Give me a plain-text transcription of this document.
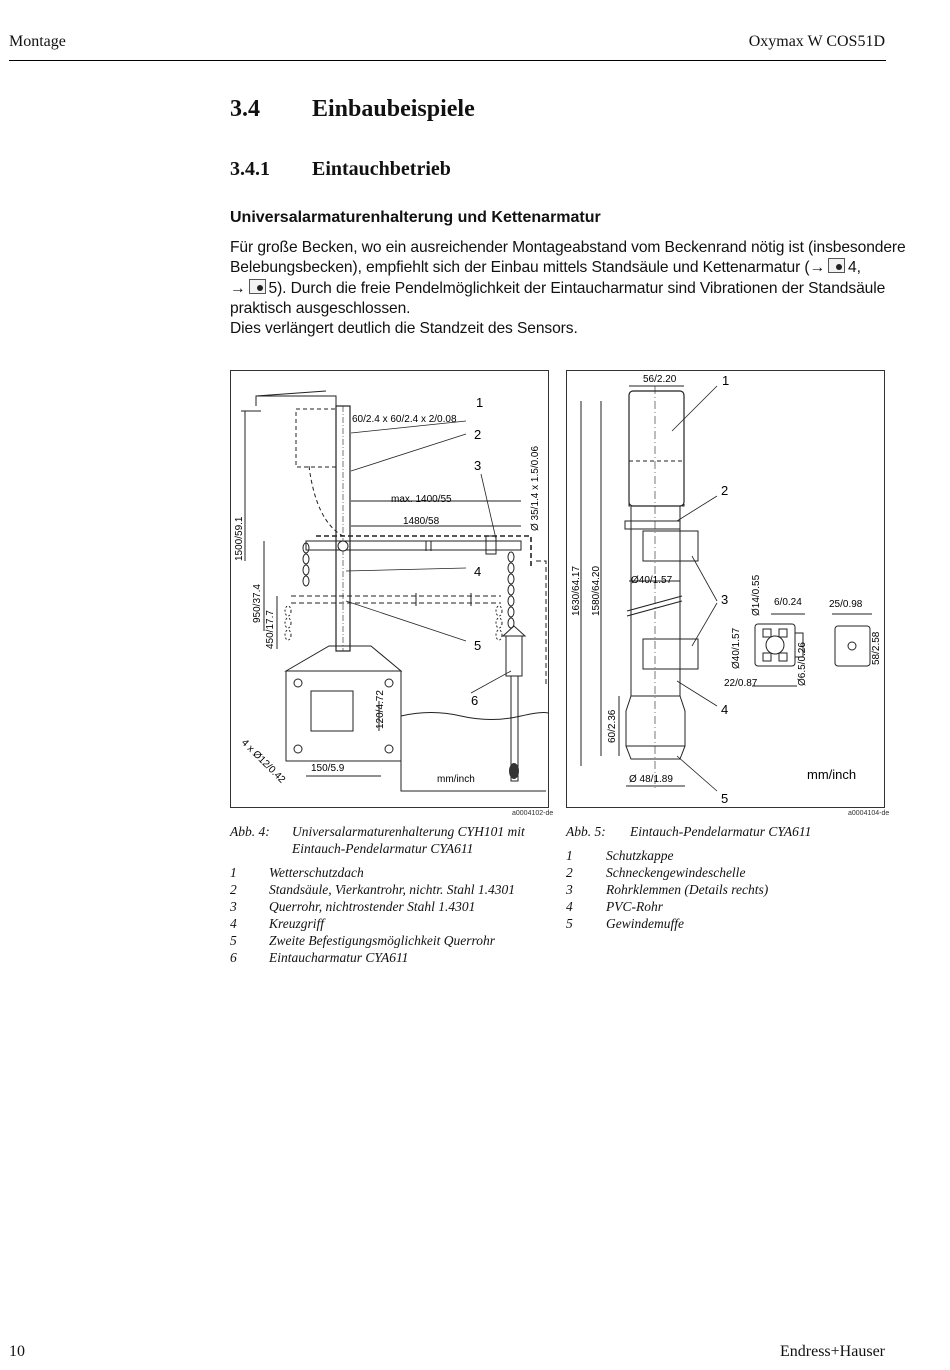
Montage	Oxymax W COS51D
3.4 Einbaubeispiele
3.4.1 Eintauchbetrieb
Universalarmaturenhalterung und Kettenarmatur

Für große Becken, wo ein ausreichender Montageabstand vom Beckenrand nötig ist (insbesondere

Belebungsbecken), empfiehlt sich der Einbau mittels Standsäule und Kettenarmatur (→ 4,

→ 5). Durch die freie Pendelmöglichkeit der Eintaucharmatur sind Vibrationen der Standsäule

praktisch ausgeschlossen.

Dies verlängert deutlich die Standzeit des Sensors.

1
2
3
4
5
6
60/2.4 x 60/2.4 x 2/0.08
max. 1400/55
1480/58	Ø 35/1.4 x 1.5/0.06
1500/59.1
950/37.4
450/17.7
120/4.72
150/5.9
4 x Ø12/0.42	mm/inch
a0004102-de
1
2
3
4
5
56/2.20
1630/64.17 1580/64.20	Ø40/1.57
60/2.36
Ø 48/1.89
Ø40/1.57
Ø14/0.55 6/0.24	25/0.98
58/2.58
Ø6.5/0.26
22/0.87
mm/inch
a0004104-de
Abb. 4: Universalarmaturenhalterung CYH101 mit
Eintauch-Pendelarmatur CYA611
1 Wetterschutzdach
2 Standsäule, Vierkantrohr, nichtr. Stahl 1.4301
3 Querrohr, nichtrostender Stahl 1.4301
4 Kreuzgriff
5 Zweite Befestigungsmöglichkeit Querrohr
6 Eintaucharmatur CYA611
Abb. 5: Eintauch-Pendelarmatur CYA611
1 Schutzkappe
2 Schneckengewindeschelle
3 Rohrklemmen (Details rechts)
4 PVC-Rohr
5 Gewindemuffe
10	Endress+Hauser
